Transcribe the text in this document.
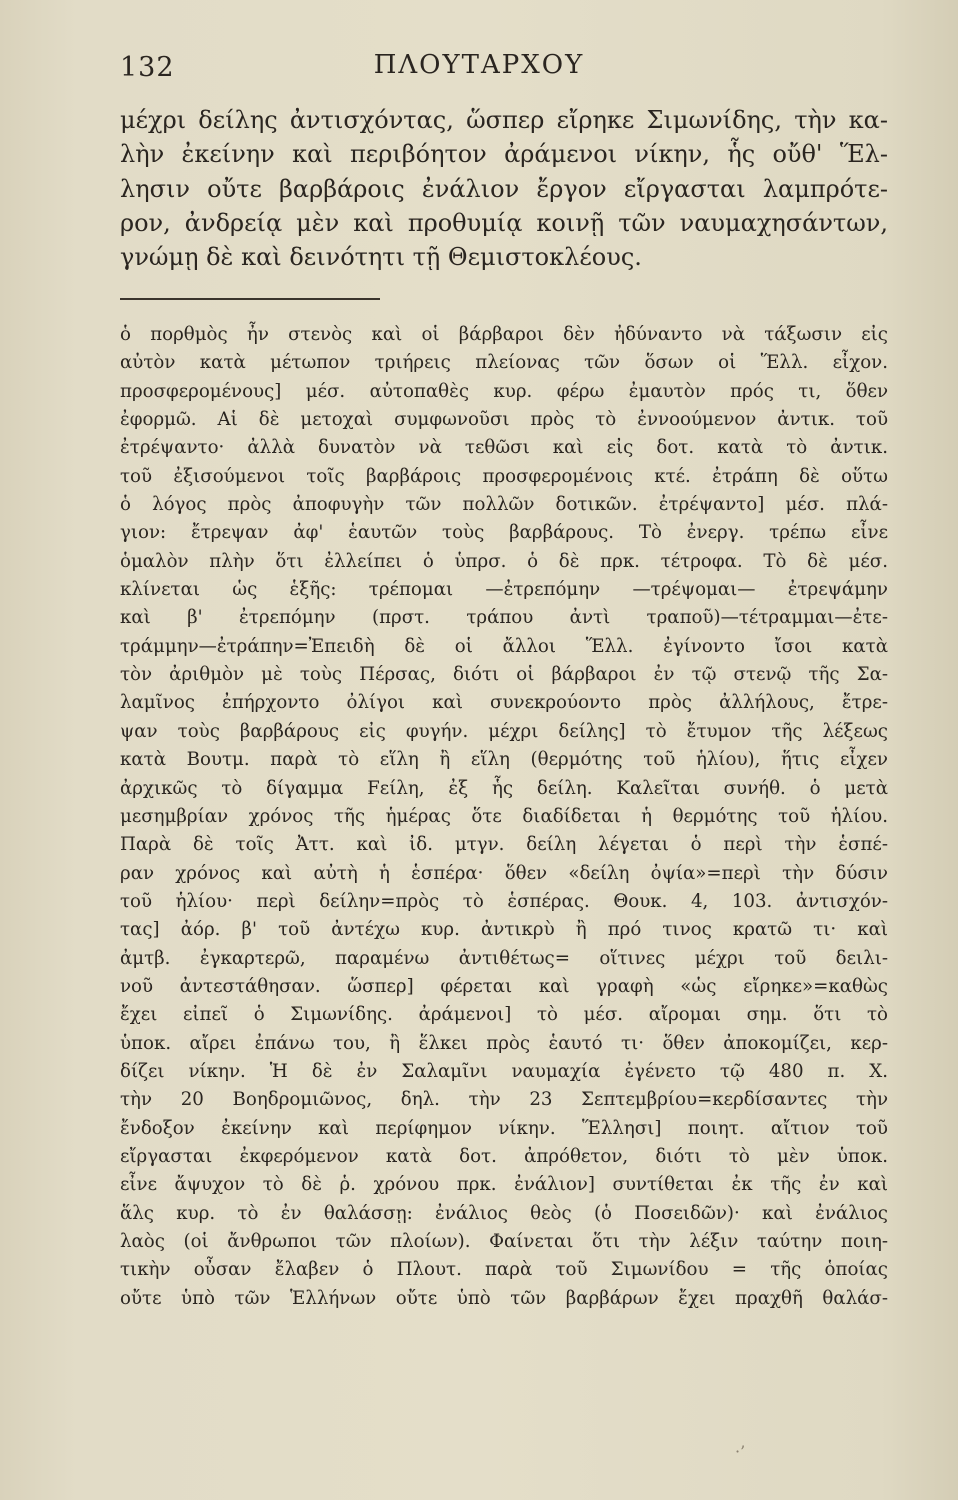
132	ΠΛΟΥΤΑΡΧΟΥ
μέχρι δείλης ἀντισχόντας, ὥσπερ εἴρηκε Σιμωνίδης, τὴν κα-
λὴν ἐκείνην καὶ περιβόητον ἀράμενοι νίκην, ἧς οὔθ' Ἕλ-
λησιν οὔτε βαρβάροις ἐνάλιον ἔργον εἴργασται λαμπρότε-
ρον, ἀνδρείᾳ μὲν καὶ προθυμίᾳ κοινῇ τῶν ναυμαχησάντων,
γνώμῃ δὲ καὶ δεινότητι τῇ Θεμιστοκλέους.
ὁ πορθμὸς ἦν στενὸς καὶ οἱ βάρβαροι δὲν ἠδύναντο νὰ τάξωσιν εἰς
αὐτὸν κατὰ μέτωπον τριήρεις πλείονας τῶν ὅσων οἱ Ἕλλ. εἶχον.
προσφερομένους] μέσ. αὐτοπαθὲς κυρ. φέρω ἐμαυτὸν πρός τι, ὅθεν
ἐφορμῶ. Αἱ δὲ μετοχαὶ συμφωνοῦσι πρὸς τὸ ἐννοούμενον ἀντικ. τοῦ
ἐτρέψαντο· ἀλλὰ δυνατὸν νὰ τεθῶσι καὶ εἰς δοτ. κατὰ τὸ ἀντικ.
τοῦ ἐξισούμενοι τοῖς βαρβάροις προσφερομένοις κτέ. ἐτράπη δὲ οὕτω
ὁ λόγος πρὸς ἀποφυγὴν τῶν πολλῶν δοτικῶν. ἐτρέψαντο] μέσ. πλά-
γιον: ἔτρεψαν ἀφ' ἑαυτῶν τοὺς βαρβάρους. Τὸ ἐνεργ. τρέπω εἶνε
ὁμαλὸν πλὴν ὅτι ἐλλείπει ὁ ὑπρσ. ὁ δὲ πρκ. τέτροφα. Τὸ δὲ μέσ.
κλίνεται ὡς ἑξῆς: τρέπομαι —ἐτρεπόμην —τρέψομαι— ἐτρεψάμην
καὶ β' ἐτρεπόμην (πρστ. τράπου ἀντὶ τραποῦ)—τέτραμμαι—ἐτε-
τράμμην—ἐτράπην=Ἐπειδὴ δὲ οἱ ἄλλοι Ἕλλ. ἐγίνοντο ἴσοι κατὰ
τὸν ἀριθμὸν μὲ τοὺς Πέρσας, διότι οἱ βάρβαροι ἐν τῷ στενῷ τῆς Σα-
λαμῖνος ἐπήρχοντο ὀλίγοι καὶ συνεκρούοντο πρὸς ἀλλήλους, ἔτρε-
ψαν τοὺς βαρβάρους εἰς φυγήν. μέχρι δείλης] τὸ ἔτυμον τῆς λέξεως
κατὰ Βουτμ. παρὰ τὸ εἵλη ἢ εἵλη (θερμότης τοῦ ἡλίου), ἥτις εἶχεν
ἀρχικῶς τὸ δίγαμμα Fείλη, ἐξ ἧς δείλη. Καλεῖται συνήθ. ὁ μετὰ
μεσημβρίαν χρόνος τῆς ἡμέρας ὅτε διαδίδεται ἡ θερμότης τοῦ ἡλίου.
Παρὰ δὲ τοῖς Ἀττ. καὶ ἰδ. μτγν. δείλη λέγεται ὁ περὶ τὴν ἑσπέ-
ραν χρόνος καὶ αὐτὴ ἡ ἑσπέρα· ὅθεν «δείλη ὀψία»=περὶ τὴν δύσιν
τοῦ ἡλίου· περὶ δείλην=πρὸς τὸ ἑσπέρας. Θουκ. 4, 103. ἀντισχόν-
τας] ἀόρ. β' τοῦ ἀντέχω κυρ. ἀντικρὺ ἢ πρό τινος κρατῶ τι· καὶ
ἀμτβ. ἐγκαρτερῶ, παραμένω ἀντιθέτως= οἵτινες μέχρι τοῦ δειλι-
νοῦ ἀντεστάθησαν. ὥσπερ] φέρεται καὶ γραφὴ «ὡς εἴρηκε»=καθὼς
ἔχει εἰπεῖ ὁ Σιμωνίδης. ἀράμενοι] τὸ μέσ. αἴρομαι σημ. ὅτι τὸ
ὑποκ. αἴρει ἐπάνω του, ἢ ἕλκει πρὸς ἑαυτό τι· ὅθεν ἀποκομίζει, κερ-
δίζει νίκην. Ἡ δὲ ἐν Σαλαμῖνι ναυμαχία ἐγένετο τῷ 480 π. Χ.
τὴν 20 Βοηδρομιῶνος, δηλ. τὴν 23 Σεπτεμβρίου=κερδίσαντες τὴν
ἔνδοξον ἐκείνην καὶ περίφημον νίκην. Ἕλλησι] ποιητ. αἴτιον τοῦ
εἴργασται ἐκφερόμενον κατὰ δοτ. ἀπρόθετον, διότι τὸ μὲν ὑποκ.
εἶνε ἄψυχον τὸ δὲ ῥ. χρόνου πρκ. ἐνάλιον] συντίθεται ἐκ τῆς ἐν καὶ
ἅλς κυρ. τὸ ἐν θαλάσσῃ: ἐνάλιος θεὸς (ὁ Ποσειδῶν)· καὶ ἐνάλιος
λαὸς (οἱ ἄνθρωποι τῶν πλοίων). Φαίνεται ὅτι τὴν λέξιν ταύτην ποιη-
τικὴν οὖσαν ἔλαβεν ὁ Πλουτ. παρὰ τοῦ Σιμωνίδου = τῆς ὁποίας
οὔτε ὑπὸ τῶν Ἑλλήνων οὔτε ὑπὸ τῶν βαρβάρων ἔχει πραχθῆ θαλάσ-
·’
